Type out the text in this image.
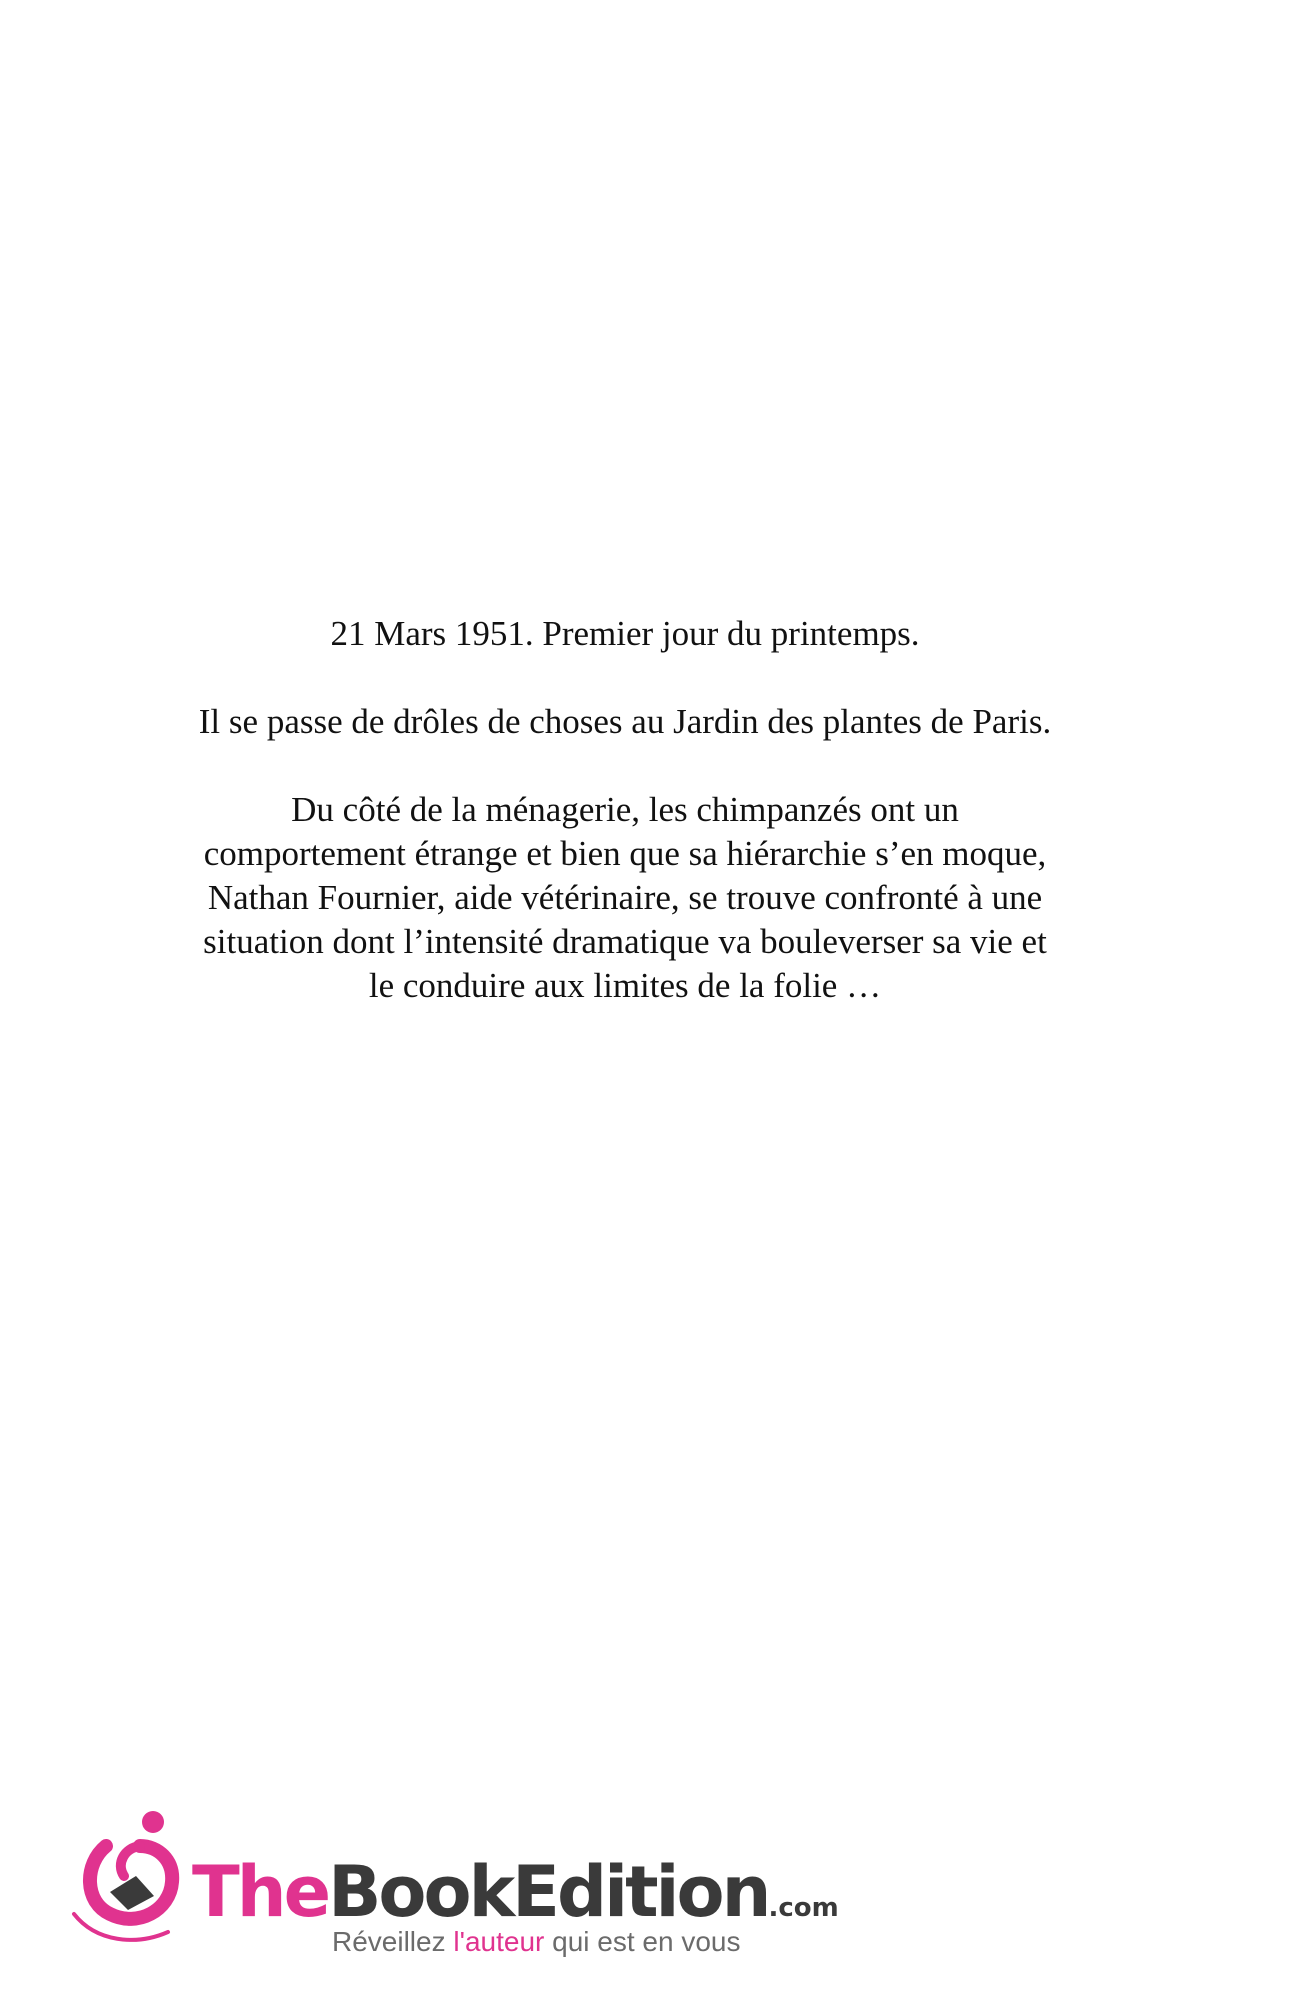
21 Mars 1951. Premier jour du printemps.

Il se passe de drôles de choses au Jardin des plantes de Paris.

Du côté de la ménagerie, les chimpanzés ont un
comportement étrange et bien que sa hiérarchie s’en moque,
Nathan Fournier, aide vétérinaire, se trouve confronté à une
situation dont l’intensité dramatique va bouleverser sa vie et
le conduire aux limites de la folie …

TheBookEdition.com
Réveillez l'auteur qui est en vous
